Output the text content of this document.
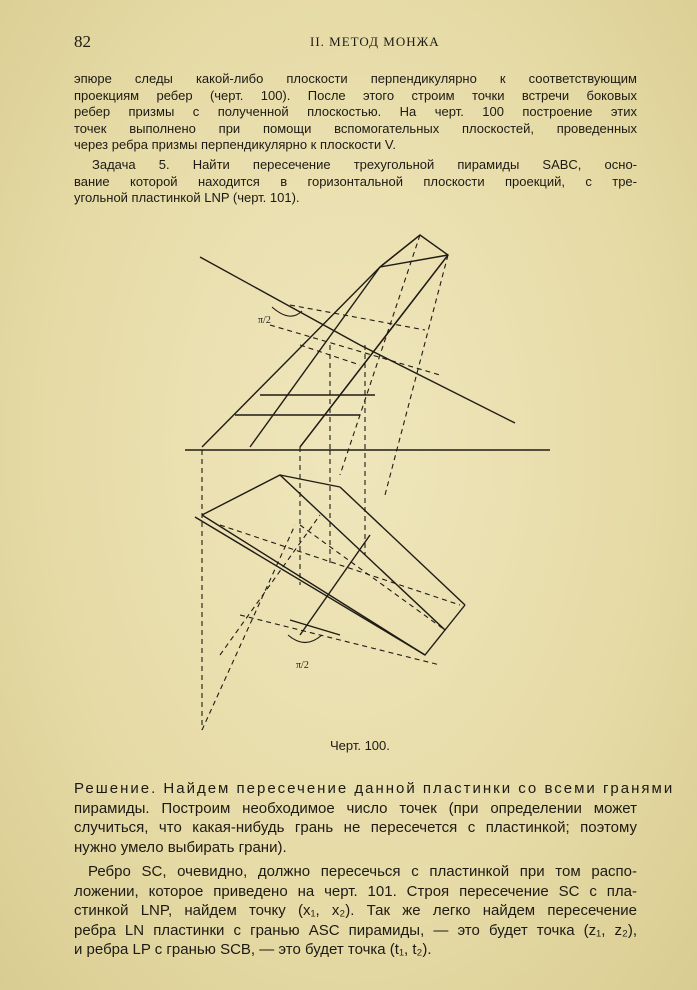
82	II. МЕТОД МОНЖА
эпюре следы какой-либо плоскости перпендикулярно к соответствующим
проекциям ребер (черт. 100). После этого строим точки встречи боковых
ребер призмы с полученной плоскостью. На черт. 100 построение этих
точек выполнено при помощи вспомогательных плоскостей, проведенных
через ребра призмы перпендикулярно к плоскости V.
Задача 5. Найти пересечение трехугольной пирамиды SABC, осно-
вание которой находится в горизонтальной плоскости проекций, с тре-
угольной пластинкой LNP (черт. 101).
π/2
π/2
Черт. 100.
Решение. Найдем пересечение данной пластинки со всеми гранями
пирамиды. Построим необходимое число точек (при определении может
случиться, что какая-нибудь грань не пересечется с пластинкой; поэтому
нужно умело выбирать грани).
Ребро SC, очевидно, должно пересечься с пластинкой при том распо-
ложении, которое приведено на черт. 101. Строя пересечение SC с пла-
стинкой LNP, найдем точку (x₁, x₂). Так же легко найдем пересечение
ребра LN пластинки с гранью ASC пирамиды, — это будет точка (z₁, z₂),
и ребра LP с гранью SCB, — это будет точка (t₁, t₂).
